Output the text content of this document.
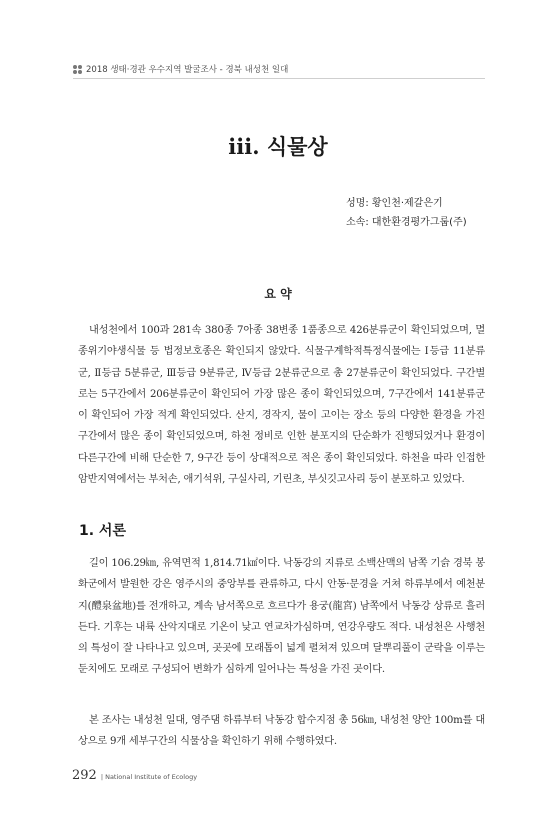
2018 생태·경관 우수지역 발굴조사 - 경북 내성천 일대
iii. 식물상
성명: 황인천·제갈은기
소속: 대한환경평가그룹(주)
요 약

내성천에서 100과 281속 380종 7아종 38변종 1품종으로 426분류군이 확인되었으며, 멸종위기야생식물 등 법정보호종은 확인되지 않았다. 식물구계학적특정식물에는 Ⅰ등급 11분류군, Ⅱ등급 5분류군, Ⅲ등급 9분류군, Ⅳ등급 2분류군으로 총 27분류군이 확인되었다. 구간별로는 5구간에서 206분류군이 확인되어 가장 많은 종이 확인되었으며, 7구간에서 141분류군이 확인되어 가장 적게 확인되었다. 산지, 경작지, 물이 고이는 장소 등의 다양한 환경을 가진 구간에서 많은 종이 확인되었으며, 하천 정비로 인한 분포지의 단순화가 진행되었거나 환경이 다른구간에 비해 단순한 7, 9구간 등이 상대적으로 적은 종이 확인되었다. 하천을 따라 인접한 암반지역에서는 부처손, 애기석위, 구실사리, 기린초, 부싯깃고사리 등이 분포하고 있었다.

1. 서론

길이 106.29㎞, 유역면적 1,814.71㎢이다. 낙동강의 지류로 소백산맥의 남쪽 기슭 경북 봉화군에서 발원한 강은 영주시의 중앙부를 관류하고, 다시 안동·문경을 거쳐 하류부에서 예천분지(醴泉盆地)를 전개하고, 계속 남서쪽으로 흐르다가 용궁(龍宮) 남쪽에서 낙동강 상류로 흘러든다. 기후는 내륙 산악지대로 기온이 낮고 연교차가심하며, 연강우량도 적다. 내성천은 사행천의 특성이 잘 나타나고 있으며, 곳곳에 모래톱이 넓게 펼쳐져 있으며 달뿌리풀이 군락을 이루는 둔치에도 모래로 구성되어 변화가 심하게 일어나는 특성을 가진 곳이다.

본 조사는 내성천 일대, 영주댐 하류부터 낙동강 합수지점 총 56㎞, 내성천 양안 100m를 대상으로 9개 세부구간의 식물상을 확인하기 위해 수행하였다.

292 | National Institute of Ecology
